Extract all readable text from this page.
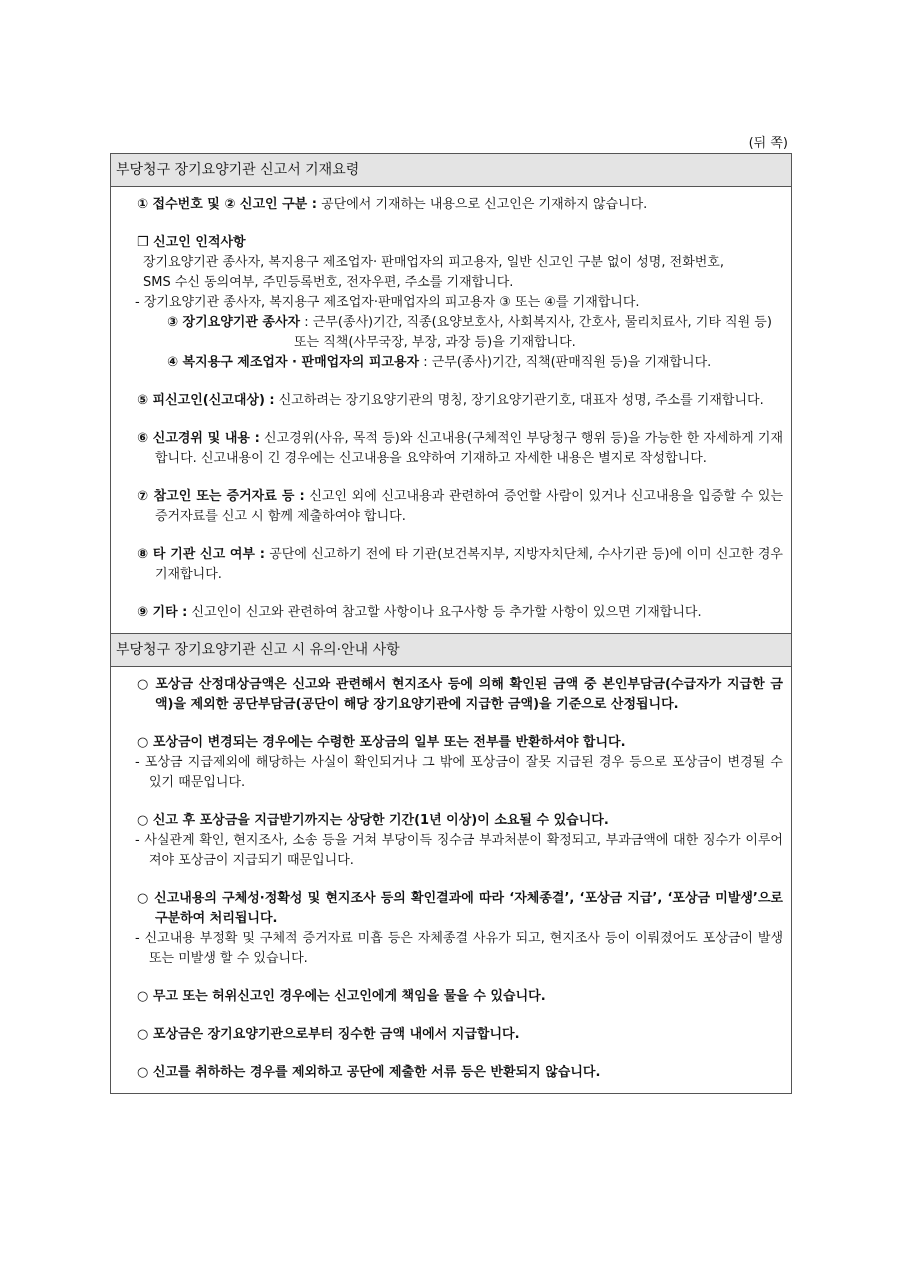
(뒤 쪽)
부당청구 장기요양기관 신고서 기재요령

① 접수번호 및 ② 신고인 구분 : 공단에서 기재하는 내용으로 신고인은 기재하지 않습니다.

❒ 신고인 인적사항

장기요양기관 종사자, 복지용구 제조업자· 판매업자의 피고용자, 일반 신고인 구분 없이 성명, 전화번호,

SMS 수신 동의여부, 주민등록번호, 전자우편, 주소를 기재합니다.

- 장기요양기관 종사자, 복지용구 제조업자·판매업자의 피고용자 ③ 또는 ④를 기재합니다.

③ 장기요양기관 종사자 : 근무(종사)기간, 직종(요양보호사, 사회복지사, 간호사, 물리치료사, 기타 직원 등) 또는 직책(사무국장, 부장, 과장 등)을 기재합니다.

④ 복지용구 제조업자 · 판매업자의 피고용자 : 근무(종사)기간, 직책(판매직원 등)을 기재합니다.

⑤ 피신고인(신고대상) : 신고하려는 장기요양기관의 명칭, 장기요양기관기호, 대표자 성명, 주소를 기재합니다.

⑥ 신고경위 및 내용 : 신고경위(사유, 목적 등)와 신고내용(구체적인 부당청구 행위 등)을 가능한 한 자세하게 기재합니다. 신고내용이 긴 경우에는 신고내용을 요약하여 기재하고 자세한 내용은 별지로 작성합니다.

⑦ 참고인 또는 증거자료 등 : 신고인 외에 신고내용과 관련하여 증언할 사람이 있거나 신고내용을 입증할 수 있는 증거자료를 신고 시 함께 제출하여야 합니다.

⑧ 타 기관 신고 여부 : 공단에 신고하기 전에 타 기관(보건복지부, 지방자치단체, 수사기관 등)에 이미 신고한 경우 기재합니다.

⑨ 기타 : 신고인이 신고와 관련하여 참고할 사항이나 요구사항 등 추가할 사항이 있으면 기재합니다.

부당청구 장기요양기관 신고 시 유의·안내 사항

○ 포상금 산정대상금액은 신고와 관련해서 현지조사 등에 의해 확인된 금액 중 본인부담금(수급자가 지급한 금액)을 제외한 공단부담금(공단이 해당 장기요양기관에 지급한 금액)을 기준으로 산정됩니다.

○ 포상금이 변경되는 경우에는 수령한 포상금의 일부 또는 전부를 반환하셔야 합니다.

- 포상금 지급제외에 해당하는 사실이 확인되거나 그 밖에 포상금이 잘못 지급된 경우 등으로 포상금이 변경될 수 있기 때문입니다.

○ 신고 후 포상금을 지급받기까지는 상당한 기간(1년 이상)이 소요될 수 있습니다.

- 사실관계 확인, 현지조사, 소송 등을 거쳐 부당이득 징수금 부과처분이 확정되고, 부과금액에 대한 징수가 이루어져야 포상금이 지급되기 때문입니다.

○ 신고내용의 구체성·정확성 및 현지조사 등의 확인결과에 따라 ‘자체종결’, ‘포상금 지급’, ‘포상금 미발생’으로 구분하여 처리됩니다.

- 신고내용 부정확 및 구체적 증거자료 미흡 등은 자체종결 사유가 되고, 현지조사 등이 이뤄졌어도 포상금이 발생 또는 미발생 할 수 있습니다.

○ 무고 또는 허위신고인 경우에는 신고인에게 책임을 물을 수 있습니다.

○ 포상금은 장기요양기관으로부터 징수한 금액 내에서 지급합니다.

○ 신고를 취하하는 경우를 제외하고 공단에 제출한 서류 등은 반환되지 않습니다.
